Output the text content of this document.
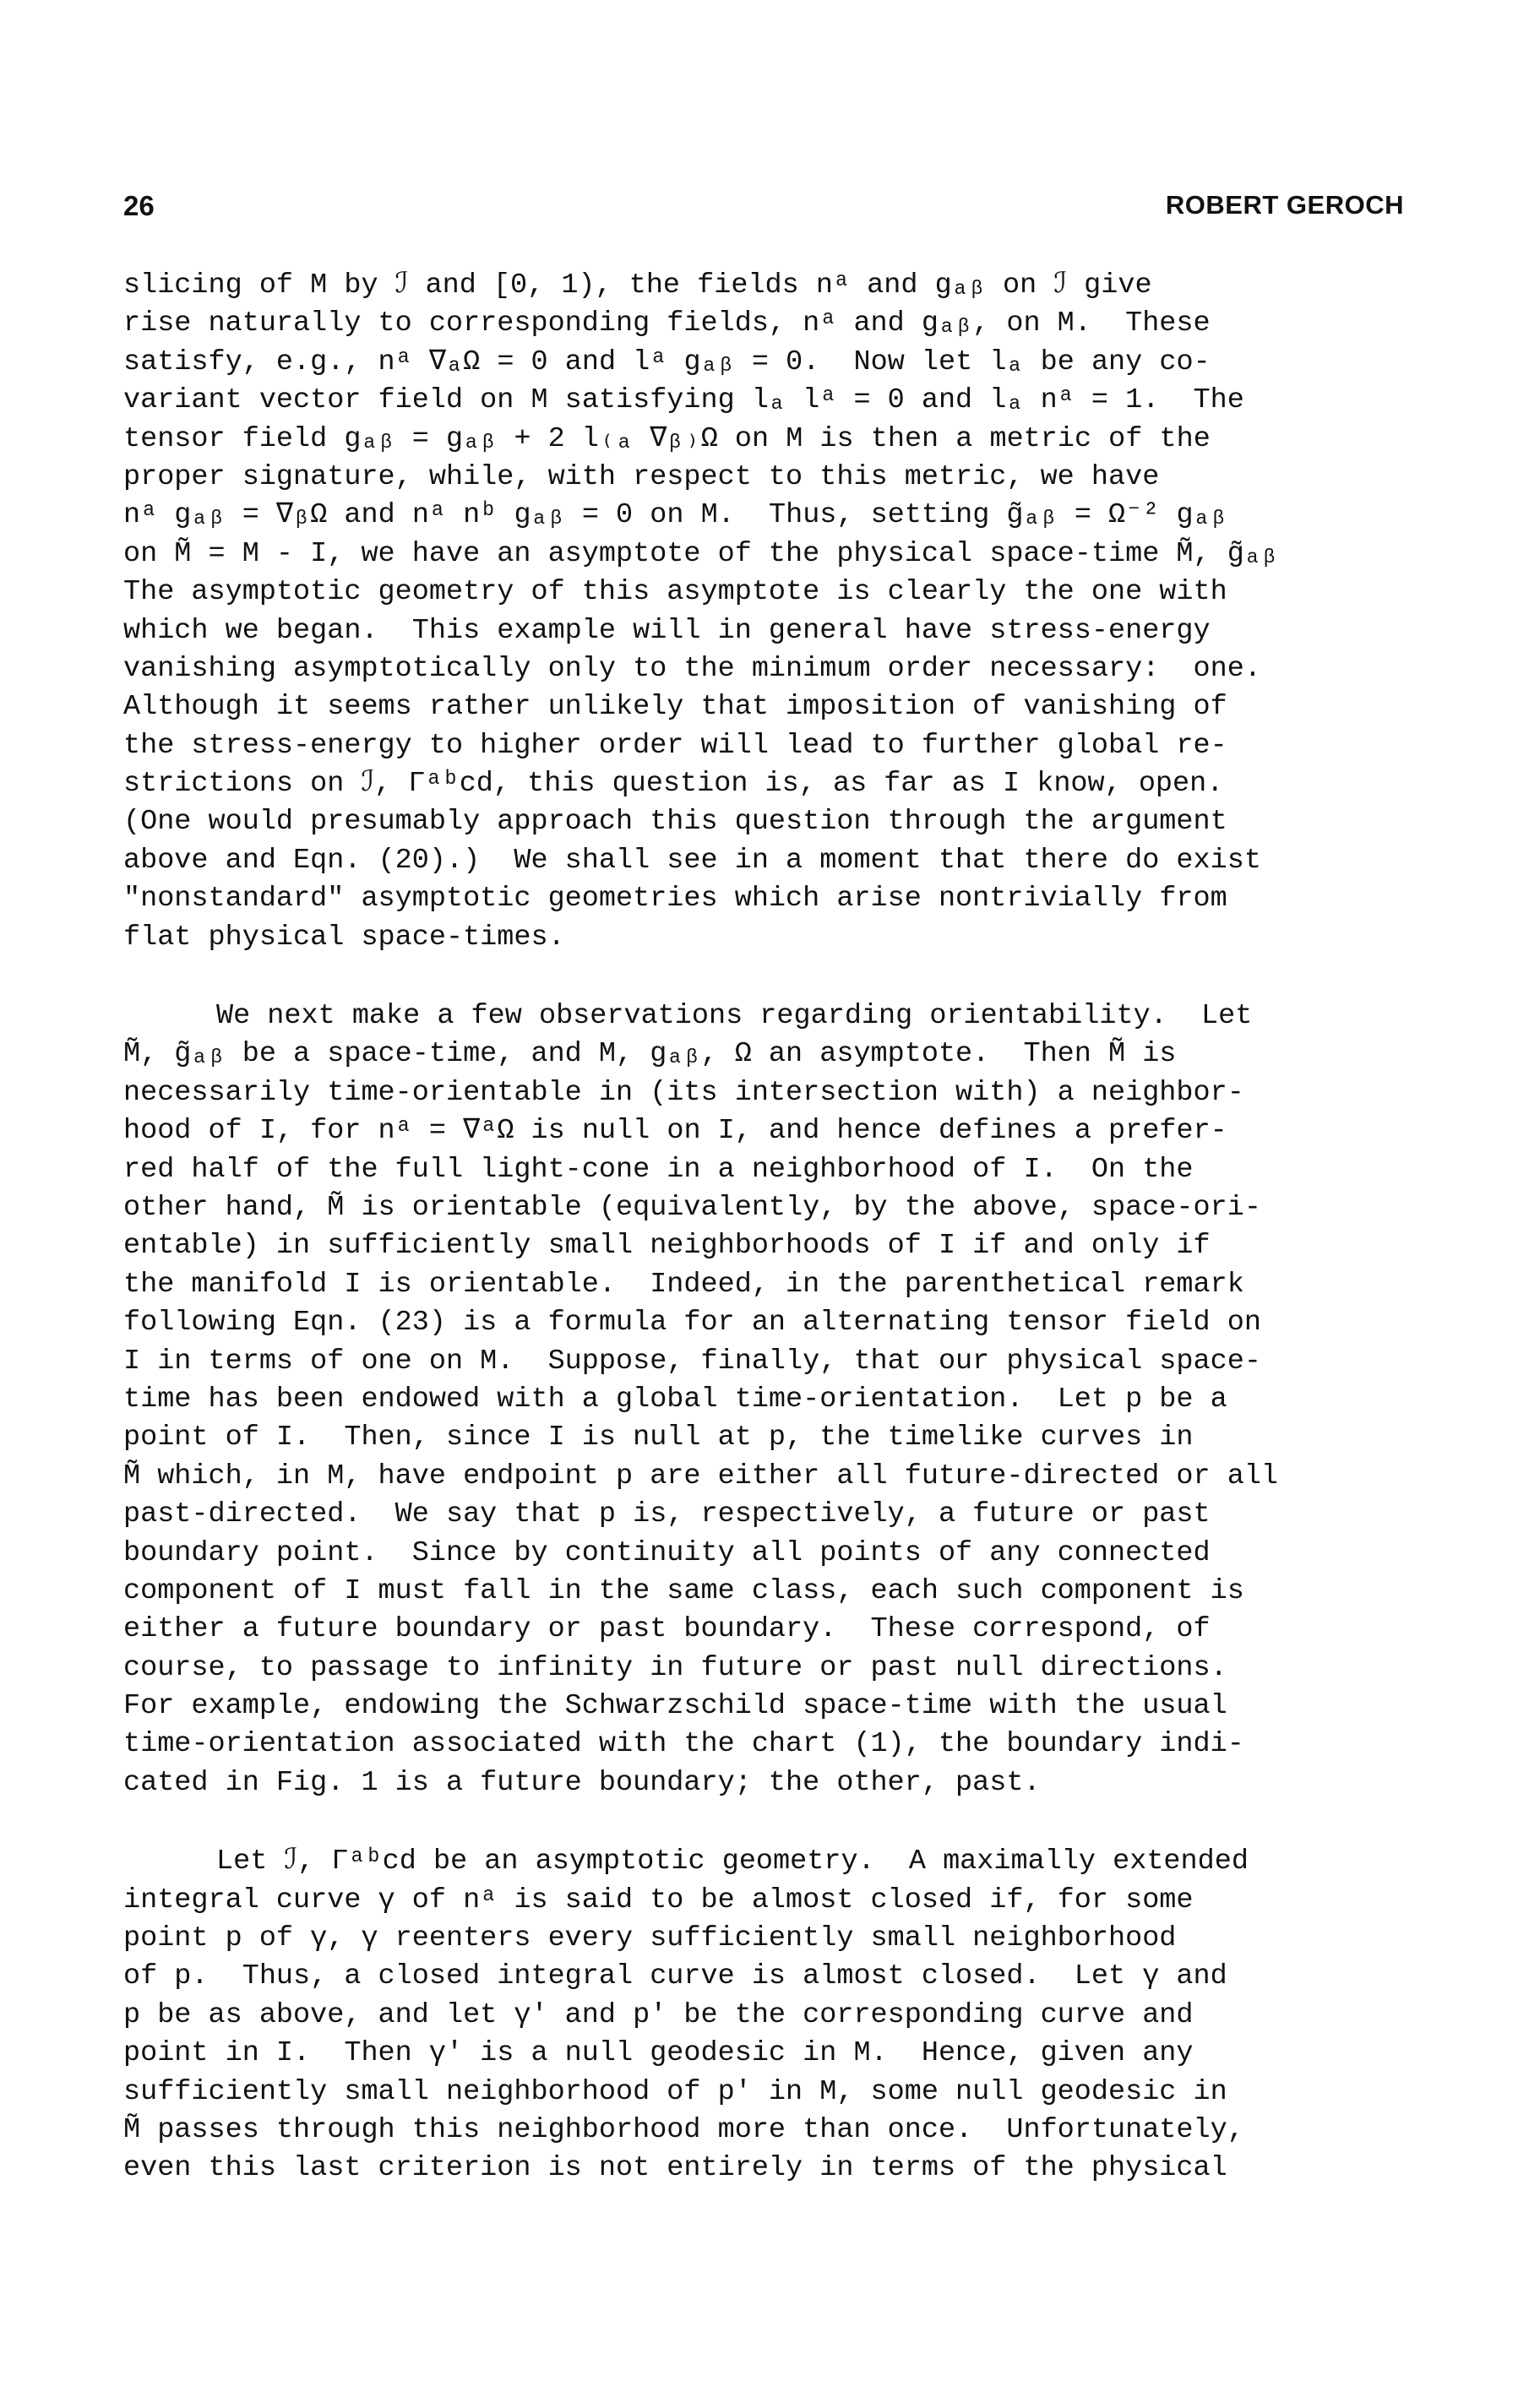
26	ROBERT GEROCH
slicing of M by ℐ and [0, 1), the fields nᵃ and gₐᵦ on ℐ give
rise naturally to corresponding fields, nᵃ and gₐᵦ, on M.  These
satisfy, e.g., nᵃ ∇ₐΩ = 0 and lᵃ gₐᵦ = 0.  Now let lₐ be any co-
variant vector field on M satisfying lₐ lᵃ = 0 and lₐ nᵃ = 1.  The
tensor field gₐᵦ = gₐᵦ + 2 l₍ₐ ∇ᵦ₎Ω on M is then a metric of the
proper signature, while, with respect to this metric, we have
nᵃ gₐᵦ = ∇ᵦΩ and nᵃ nᵇ gₐᵦ = 0 on M.  Thus, setting g̃ₐᵦ = Ω⁻² gₐᵦ
on M̃ = M - I, we have an asymptote of the physical space-time M̃, g̃ₐᵦ
The asymptotic geometry of this asymptote is clearly the one with
which we began.  This example will in general have stress-energy
vanishing asymptotically only to the minimum order necessary:  one.
Although it seems rather unlikely that imposition of vanishing of
the stress-energy to higher order will lead to further global re-
strictions on ℐ, Γᵃᵇcd, this question is, as far as I know, open.
(One would presumably approach this question through the argument
above and Eqn. (20).)  We shall see in a moment that there do exist
"nonstandard" asymptotic geometries which arise nontrivially from
flat physical space-times.
We next make a few observations regarding orientability.  Let
M̃, g̃ₐᵦ be a space-time, and M, gₐᵦ, Ω an asymptote.  Then M̃ is
necessarily time-orientable in (its intersection with) a neighbor-
hood of I, for nᵃ = ∇ᵃΩ is null on I, and hence defines a prefer-
red half of the full light-cone in a neighborhood of I.  On the
other hand, M̃ is orientable (equivalently, by the above, space-ori-
entable) in sufficiently small neighborhoods of I if and only if
the manifold I is orientable.  Indeed, in the parenthetical remark
following Eqn. (23) is a formula for an alternating tensor field on
I in terms of one on M.  Suppose, finally, that our physical space-
time has been endowed with a global time-orientation.  Let p be a
point of I.  Then, since I is null at p, the timelike curves in
M̃ which, in M, have endpoint p are either all future-directed or all
past-directed.  We say that p is, respectively, a future or past
boundary point.  Since by continuity all points of any connected
component of I must fall in the same class, each such component is
either a future boundary or past boundary.  These correspond, of
course, to passage to infinity in future or past null directions.
For example, endowing the Schwarzschild space-time with the usual
time-orientation associated with the chart (1), the boundary indi-
cated in Fig. 1 is a future boundary; the other, past.
Let ℐ, Γᵃᵇcd be an asymptotic geometry.  A maximally extended
integral curve γ of nᵃ is said to be almost closed if, for some
point p of γ, γ reenters every sufficiently small neighborhood
of p.  Thus, a closed integral curve is almost closed.  Let γ and
p be as above, and let γ' and p' be the corresponding curve and
point in I.  Then γ' is a null geodesic in M.  Hence, given any
sufficiently small neighborhood of p' in M, some null geodesic in
M̃ passes through this neighborhood more than once.  Unfortunately,
even this last criterion is not entirely in terms of the physical
